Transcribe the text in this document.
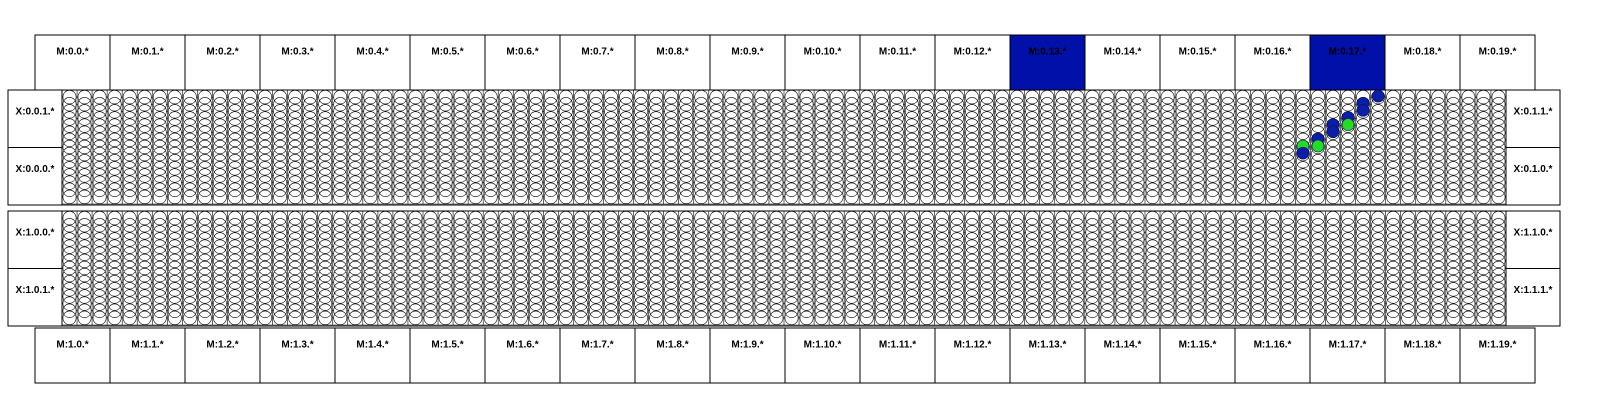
M:0.0.*	M:0.1.*	M:0.2.*	M:0.3.*	M:0.4.*	M:0.5.*	M:0.6.*	M:0.7.*	M:0.8.*	M:0.9.*	M:0.10.*	M:0.11.*	M:0.12.*	M:0.13.*	M:0.14.*	M:0.15.*	M:0.16.*	M:0.17.*	M:0.18.*	M:0.19.*
M:1.0.*	M:1.1.*	M:1.2.*	M:1.3.*	M:1.4.*	M:1.5.*	M:1.6.*	M:1.7.*	M:1.8.*	M:1.9.*	M:1.10.*	M:1.11.*	M:1.12.*	M:1.13.*	M:1.14.*	M:1.15.*	M:1.16.*	M:1.17.*	M:1.18.*	M:1.19.*
X:0.0.1.*
X:0.0.0.*
X:0.1.1.*
X:0.1.0.*
X:1.0.0.*
X:1.0.1.*
X:1.1.0.*
X:1.1.1.*
